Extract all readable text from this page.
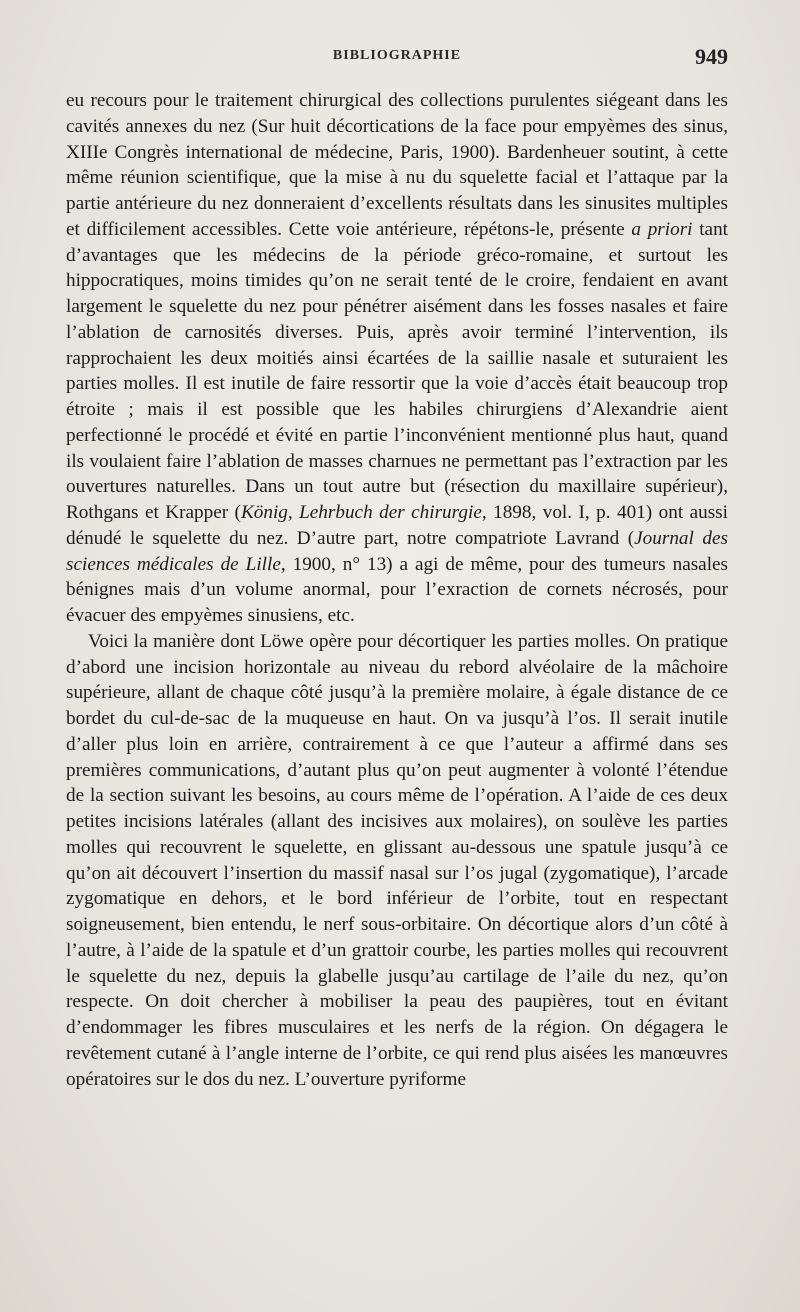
BIBLIOGRAPHIE	949

eu recours pour le traitement chirurgical des collections purulentes siégeant dans les cavités annexes du nez (Sur huit décortications de la face pour empyèmes des sinus, XIIIe Congrès international de médecine, Paris, 1900). Bardenheuer soutint, à cette même réunion scientifique, que la mise à nu du squelette facial et l’attaque par la partie antérieure du nez donneraient d’excellents résultats dans les sinusites multiples et difficilement accessibles. Cette voie antérieure, répétons-le, présente a priori tant d’avantages que les médecins de la période gréco-romaine, et surtout les hippocratiques, moins timides qu’on ne serait tenté de le croire, fendaient en avant largement le squelette du nez pour pénétrer aisément dans les fosses nasales et faire l’ablation de carnosités diverses. Puis, après avoir terminé l’intervention, ils rapprochaient les deux moitiés ainsi écartées de la saillie nasale et suturaient les parties molles. Il est inutile de faire ressortir que la voie d’accès était beaucoup trop étroite ; mais il est possible que les habiles chirurgiens d’Alexandrie aient perfectionné le procédé et évité en partie l’inconvénient mentionné plus haut, quand ils voulaient faire l’ablation de masses charnues ne permettant pas l’extraction par les ouvertures naturelles. Dans un tout autre but (résection du maxillaire supérieur), Rothgans et Krapper (König, Lehrbuch der chirurgie, 1898, vol. I, p. 401) ont aussi dénudé le squelette du nez. D’autre part, notre compatriote Lavrand (Journal des sciences médicales de Lille, 1900, n° 13) a agi de même, pour des tumeurs nasales bénignes mais d’un volume anormal, pour l’exraction de cornets nécrosés, pour évacuer des empyèmes sinusiens, etc.

Voici la manière dont Löwe opère pour décortiquer les parties molles. On pratique d’abord une incision horizontale au niveau du rebord alvéolaire de la mâchoire supérieure, allant de chaque côté jusqu’à la première molaire, à égale distance de ce bordet du cul-de-sac de la muqueuse en haut. On va jusqu’à l’os. Il serait inutile d’aller plus loin en arrière, contrairement à ce que l’auteur a affirmé dans ses premières communications, d’autant plus qu’on peut augmenter à volonté l’étendue de la section suivant les besoins, au cours même de l’opération. A l’aide de ces deux petites incisions latérales (allant des incisives aux molaires), on soulève les parties molles qui recouvrent le squelette, en glissant au-dessous une spatule jusqu’à ce qu’on ait découvert l’insertion du massif nasal sur l’os jugal (zygomatique), l’arcade zygomatique en dehors, et le bord inférieur de l’orbite, tout en respectant soigneusement, bien entendu, le nerf sous-orbitaire. On décortique alors d’un côté à l’autre, à l’aide de la spatule et d’un grattoir courbe, les parties molles qui recouvrent le squelette du nez, depuis la glabelle jusqu’au cartilage de l’aile du nez, qu’on respecte. On doit chercher à mobiliser la peau des paupières, tout en évitant d’endommager les fibres musculaires et les nerfs de la région. On dégagera le revêtement cutané à l’angle interne de l’orbite, ce qui rend plus aisées les manœuvres opératoires sur le dos du nez. L’ouverture pyriforme
